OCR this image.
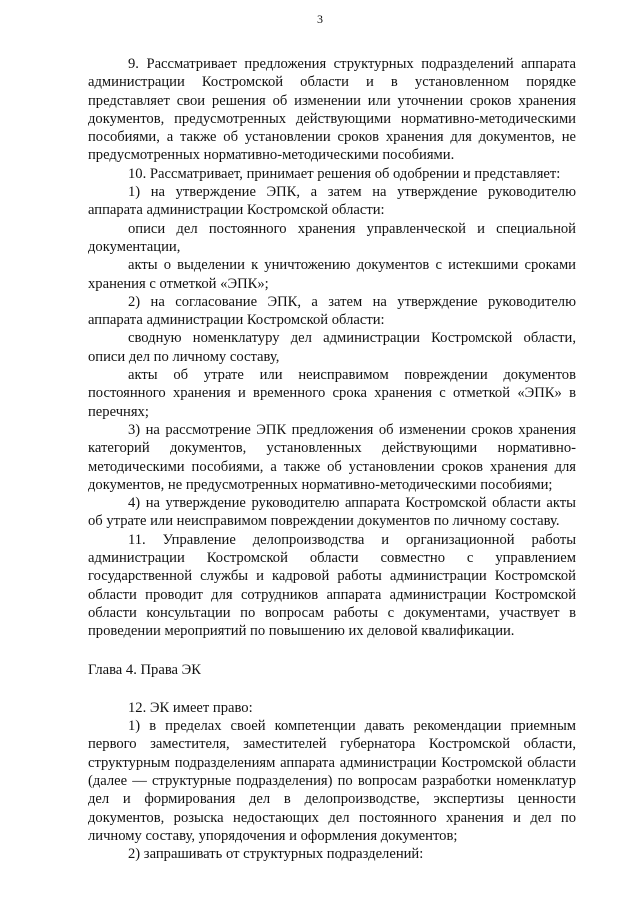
3

9. Рассматривает предложения структурных подразделений аппарата администрации Костромской области и в установленном порядке представляет свои решения об изменении или уточнении сроков хранения документов, предусмотренных действующими нормативно-методическими пособиями, а также об установлении сроков хранения для документов, не предусмотренных нормативно-методическими пособиями.

10. Рассматривает, принимает решения об одобрении и представляет:

1) на утверждение ЭПК, а затем на утверждение руководителю аппарата администрации Костромской области:

описи дел постоянного хранения управленческой и специальной документации,

акты о выделении к уничтожению документов с истекшими сроками хранения с отметкой «ЭПК»;

2) на согласование ЭПК, а затем на утверждение руководителю аппарата администрации Костромской области:

сводную номенклатуру дел администрации Костромской области, описи дел по личному составу,

акты об утрате или неисправимом повреждении документов постоянного хранения и временного срока хранения с отметкой «ЭПК» в перечнях;

3) на рассмотрение ЭПК предложения об изменении сроков хранения категорий документов, установленных действующими нормативно-методическими пособиями, а также об установлении сроков хранения для документов, не предусмотренных нормативно-методическими пособиями;

4) на утверждение руководителю аппарата Костромской области акты об утрате или неисправимом повреждении документов по личному составу.

11. Управление делопроизводства и организационной работы администрации Костромской области совместно с управлением государственной службы и кадровой работы администрации Костромской области проводит для сотрудников аппарата администрации Костромской области консультации по вопросам работы с документами, участвует в проведении мероприятий по повышению их деловой квалификации.

Глава 4. Права ЭК

12. ЭК имеет право:

1) в пределах своей компетенции давать рекомендации приемным первого заместителя, заместителей губернатора Костромской области, структурным подразделениям аппарата администрации Костромской области (далее — структурные подразделения) по вопросам разработки номенклатур дел и формирования дел в делопроизводстве, экспертизы ценности документов, розыска недостающих дел постоянного хранения и дел по личному составу, упорядочения и оформления документов;

2) запрашивать от структурных подразделений:
